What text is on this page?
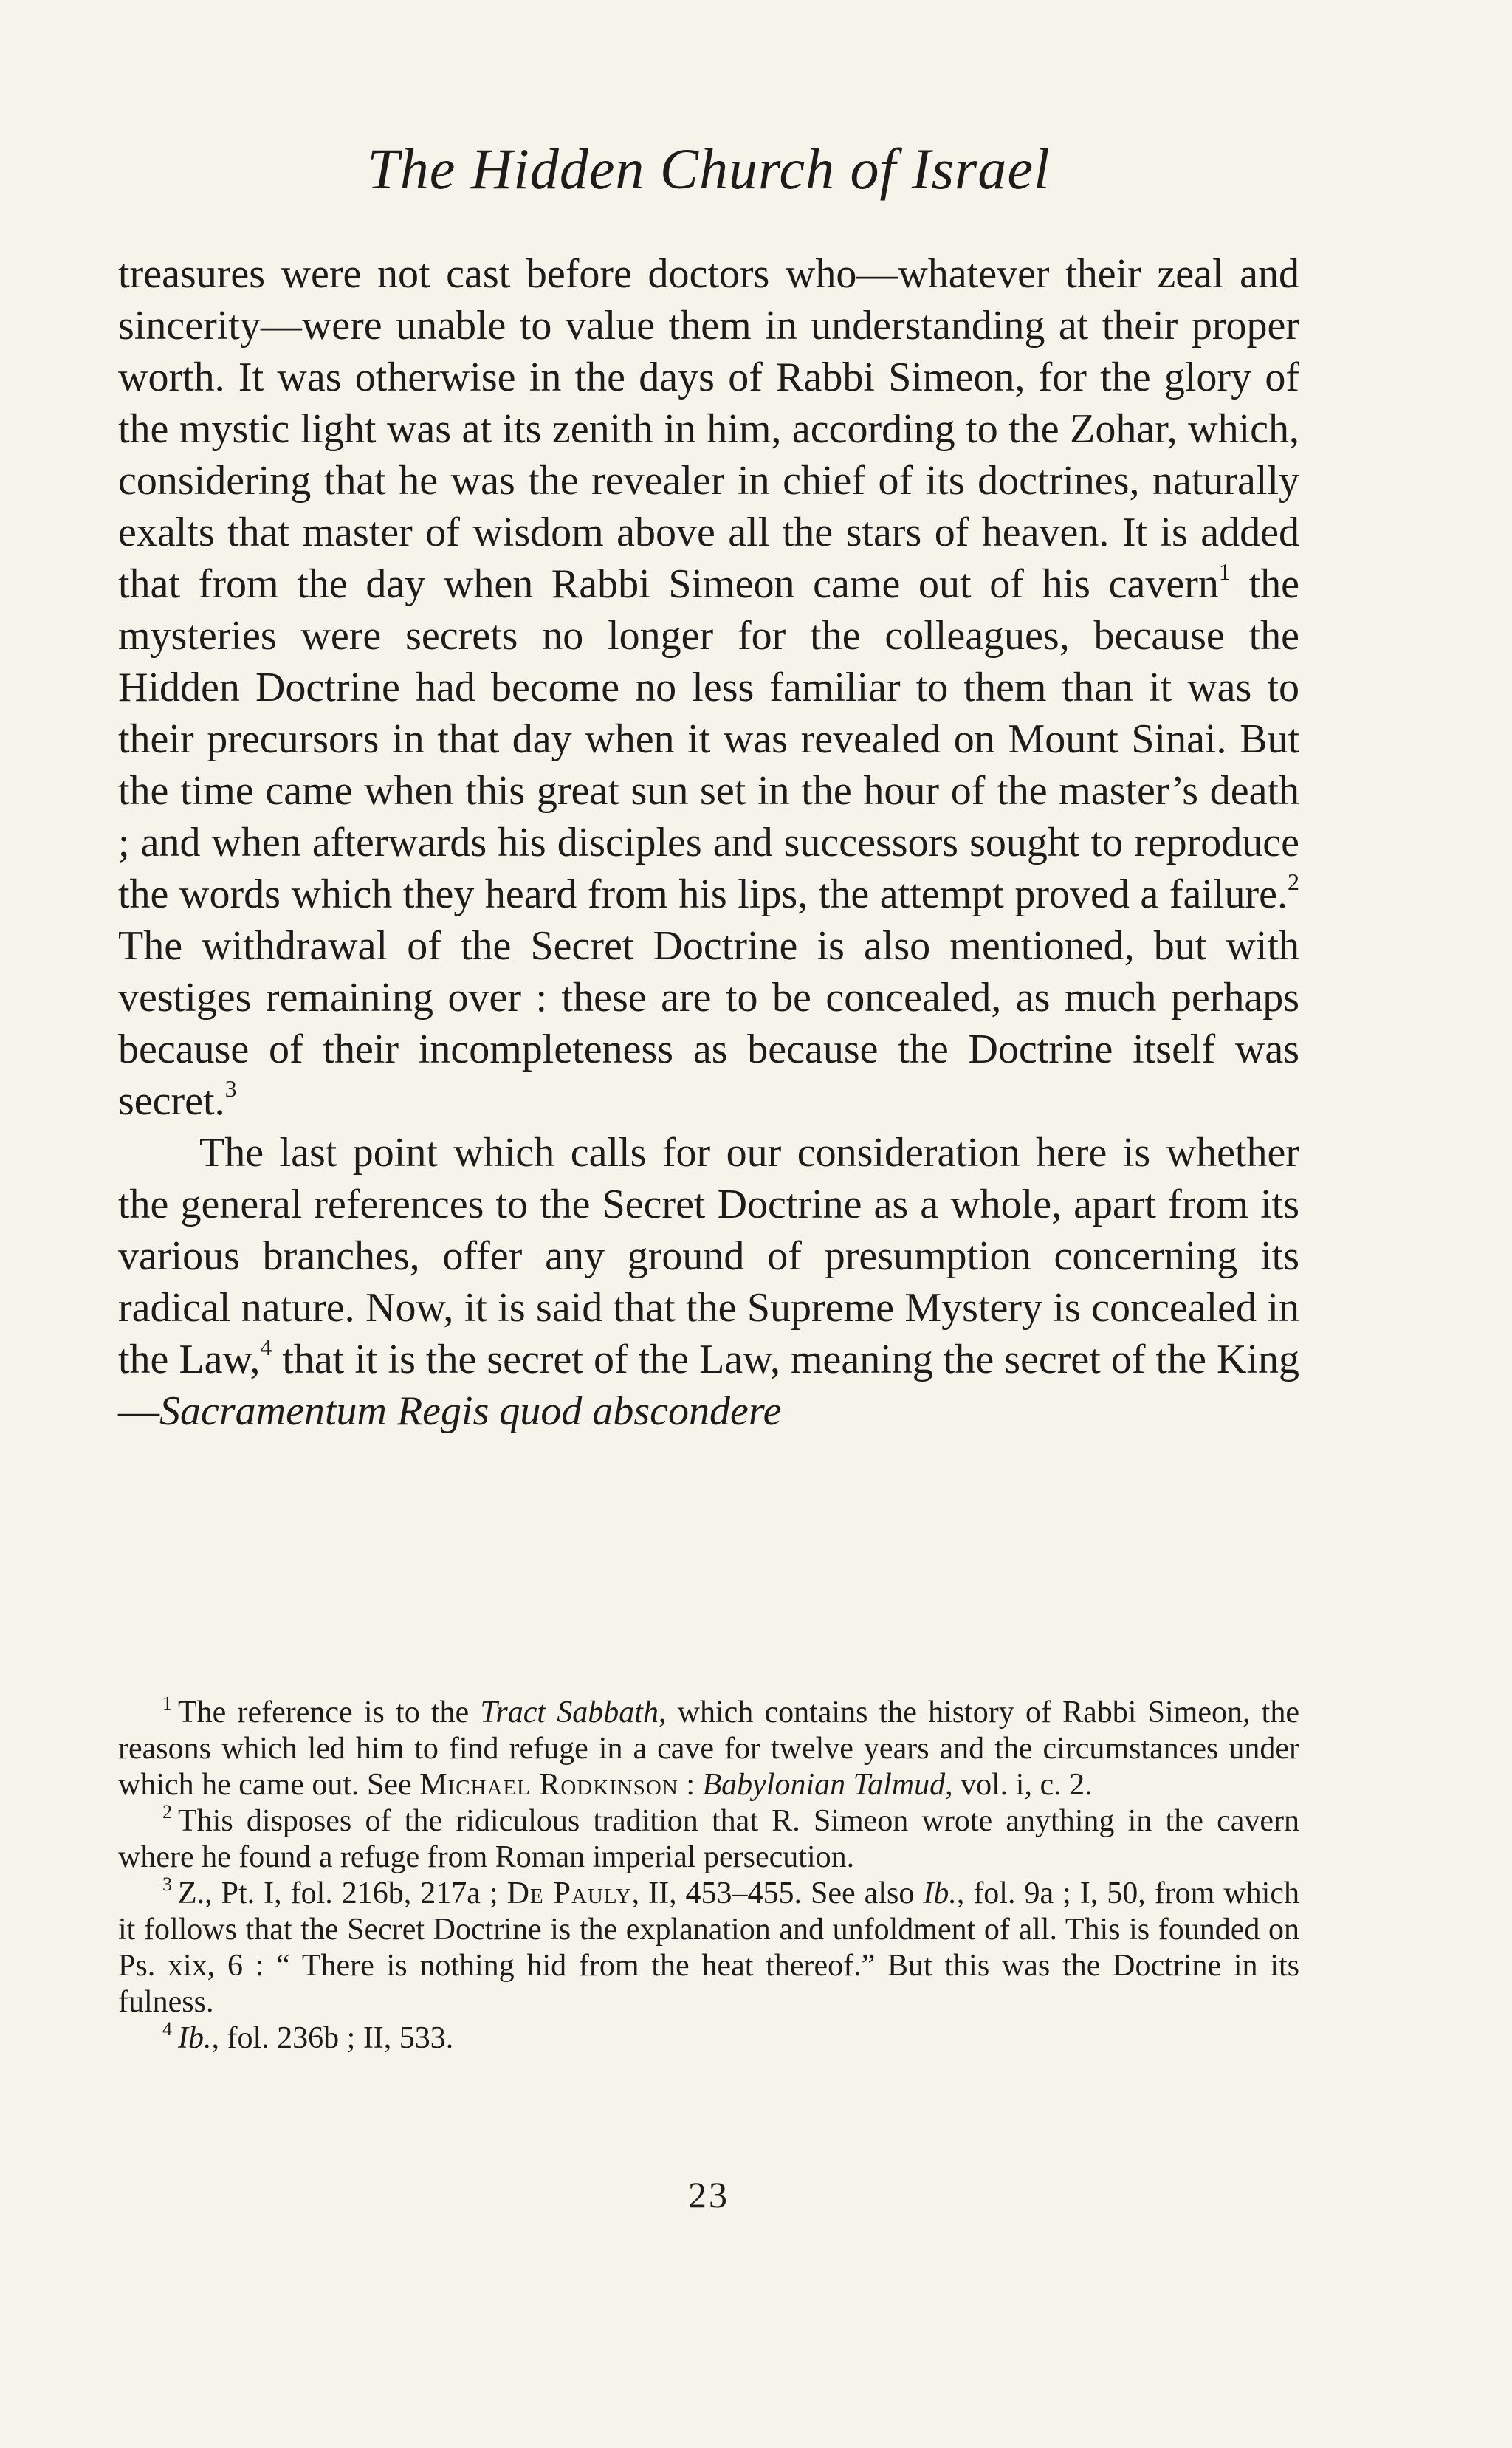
The Hidden Church of Israel

treasures were not cast before doctors who—whatever their zeal and sincerity—were unable to value them in understanding at their proper worth. It was otherwise in the days of Rabbi Simeon, for the glory of the mystic light was at its zenith in him, according to the Zohar, which, considering that he was the revealer in chief of its doctrines, naturally exalts that master of wisdom above all the stars of heaven. It is added that from the day when Rabbi Simeon came out of his cavern$^1$ the mysteries were secrets no longer for the colleagues, because the Hidden Doctrine had become no less familiar to them than it was to their precursors in that day when it was revealed on Mount Sinai. But the time came when this great sun set in the hour of the master’s death ; and when afterwards his disciples and successors sought to reproduce the words which they heard from his lips, the attempt proved a failure.$^2$ The withdrawal of the Secret Doctrine is also mentioned, but with vestiges remaining over : these are to be concealed, as much perhaps because of their incompleteness as because the Doctrine itself was secret.$^3$

The last point which calls for our consideration here is whether the general references to the Secret Doctrine as a whole, apart from its various branches, offer any ground of presumption concerning its radical nature. Now, it is said that the Supreme Mystery is concealed in the Law,$^4$ that it is the secret of the Law, meaning the secret of the King—Sacramentum Regis quod abscondere

$^1$ The reference is to the Tract Sabbath, which contains the history of Rabbi Simeon, the reasons which led him to find refuge in a cave for twelve years and the circumstances under which he came out. See Michael Rodkinson : Babylonian Talmud, vol. i, c. 2.

$^2$ This disposes of the ridiculous tradition that R. Simeon wrote anything in the cavern where he found a refuge from Roman imperial persecution.

$^3$ Z., Pt. I, fol. 216b, 217a ; De Pauly, II, 453–455. See also Ib., fol. 9a ; I, 50, from which it follows that the Secret Doctrine is the explanation and unfoldment of all. This is founded on Ps. xix, 6 : “ There is nothing hid from the heat thereof.” But this was the Doctrine in its fulness.

$^4$ Ib., fol. 236b ; II, 533.

23
